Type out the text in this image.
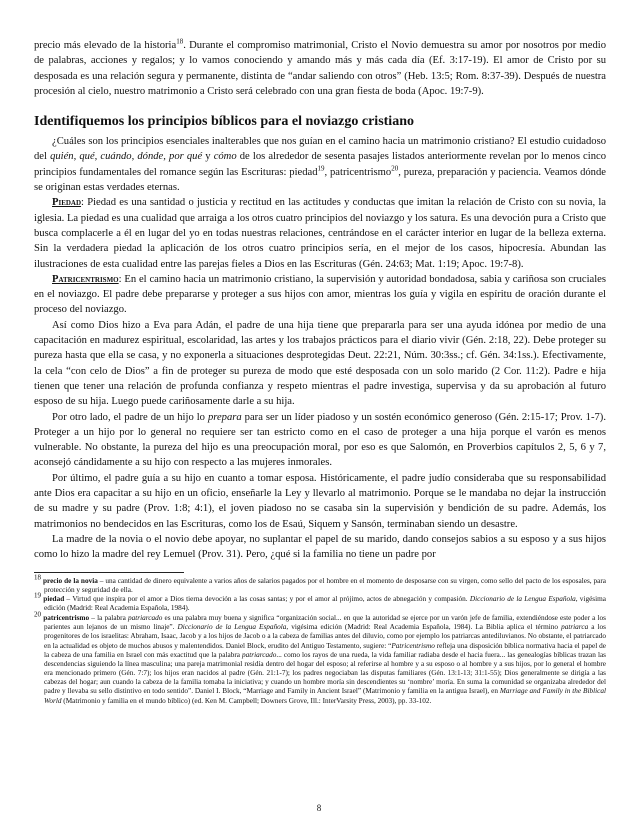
precio más elevado de la historia$^{18}$. Durante el compromiso matrimonial, Cristo el Novio demuestra su amor por nosotros por medio de palabras, acciones y regalos; y lo vamos conociendo y amando más y más cada día (Ef. 3:17-19). El amor de Cristo por su desposada es una relación segura y permanente, distinta de “andar saliendo con otros” (Heb. 13:5; Rom. 8:37-39). Después de nuestra procesión al cielo, nuestro matrimonio a Cristo será celebrado con una gran fiesta de boda (Apoc. 19:7-9).

Identifiquemos los principios bíblicos para el noviazgo cristiano

¿Cuáles son los principios esenciales inalterables que nos guían en el camino hacia un matrimonio cristiano? El estudio cuidadoso del quién, qué, cuándo, dónde, por qué y cómo de los alrededor de sesenta pasajes listados anteriormente revelan por lo menos cinco principios fundamentales del romance según las Escrituras: piedad$^{19}$, patricentrismo$^{20}$, pureza, preparación y paciencia. Veamos dónde se originan estas verdades eternas.

Piedad: Piedad es una santidad o justicia y rectitud en las actitudes y conductas que imitan la relación de Cristo con su novia, la iglesia. La piedad es una cualidad que arraiga a los otros cuatro principios del noviazgo y los satura. Es una devoción pura a Cristo que busca complacerle a él en lugar del yo en todas nuestras relaciones, centrándose en el carácter interior en lugar de la belleza externa. Sin la verdadera piedad la aplicación de los otros cuatro principios sería, en el mejor de los casos, hipocresía. Abundan las ilustraciones de esta cualidad entre las parejas fieles a Dios en las Escrituras (Gén. 24:63; Mat. 1:19; Apoc. 19:7-8).

Patricentrismo: En el camino hacia un matrimonio cristiano, la supervisión y autoridad bondadosa, sabia y cariñosa son cruciales en el noviazgo. El padre debe prepararse y proteger a sus hijos con amor, mientras los guía y vigila en espíritu de oración durante el proceso del noviazgo.

Así como Dios hizo a Eva para Adán, el padre de una hija tiene que prepararla para ser una ayuda idónea por medio de una capacitación en madurez espiritual, escolaridad, las artes y los trabajos prácticos para el diario vivir (Gén. 2:18, 22). Debe proteger su pureza hasta que ella se casa, y no exponerla a situaciones desprotegidas Deut. 22:21, Núm. 30:3ss.; cf. Gén. 34:1ss.). Efectivamente, la cela “con celo de Dios” a fin de proteger su pureza de modo que esté desposada con un solo marido (2 Cor. 11:2). Padre e hija tienen que tener una relación de profunda confianza y respeto mientras el padre investiga, supervisa y da su aprobación al futuro esposo de su hija. Luego puede cariñosamente darle a su hija.

Por otro lado, el padre de un hijo lo prepara para ser un líder piadoso y un sostén económico generoso (Gén. 2:15-17; Prov. 1-7). Proteger a un hijo por lo general no requiere ser tan estricto como en el caso de proteger a una hija porque el varón es menos vulnerable. No obstante, la pureza del hijo es una preocupación moral, por eso es que Salomón, en Proverbios capítulos 2, 5, 6 y 7, aconsejó cándidamente a su hijo con respecto a las mujeres inmorales.

Por último, el padre guía a su hijo en cuanto a tomar esposa. Históricamente, el padre judío consideraba que su responsabilidad ante Dios era capacitar a su hijo en un oficio, enseñarle la Ley y llevarlo al matrimonio. Porque se le mandaba no dejar la instrucción de su madre y su padre (Prov. 1:8; 4:1), el joven piadoso no se casaba sin la supervisión y bendición de su padre. Además, los matrimonios no bendecidos en las Escrituras, como los de Esaú, Siquem y Sansón, terminaban siendo un desastre.

La madre de la novia o el novio debe apoyar, no suplantar el papel de su marido, dando consejos sabios a su esposo y a sus hijos como lo hizo la madre del rey Lemuel (Prov. 31). Pero, ¿qué si la familia no tiene un padre por

$^{18}$ precio de la novia – una cantidad de dinero equivalente a varios años de salarios pagados por el hombre en el momento de desposarse con su virgen, como sello del pacto de los esposales, para protección y seguridad de ella.

$^{19}$ piedad – Virtud que inspira por el amor a Dios tierna devoción a las cosas santas; y por el amor al prójimo, actos de abnegación y compasión. Diccionario de la Lengua Española, vigésima edición (Madrid: Real Academia Española, 1984).

$^{20}$ patricentrismo – la palabra patriarcado es una palabra muy buena y significa “organización social... en que la autoridad se ejerce por un varón jefe de familia, extendiéndose este poder a los parientes aun lejanos de un mismo linaje”. Diccionario de la Lengua Española, vigésima edición (Madrid: Real Academia Española, 1984). La Biblia aplica el término patriarca a los progenitores de los israelitas: Abraham, Isaac, Jacob y a los hijos de Jacob o a la cabeza de familias antes del diluvio, como por ejemplo los patriarcas antediluvianos. No obstante, el patriarcado en la actualidad es objeto de muchos abusos y malentendidos. Daniel Block, erudito del Antiguo Testamento, sugiere: “Patricentrismo refleja una disposición bíblica normativa hacia el papel de la cabeza de una familia en Israel con más exactitud que la palabra patriarcado... como los rayos de una rueda, la vida familiar radiaba desde el hacia fuera... las genealogías bíblicas trazan las descendencias siguiendo la línea masculina; una pareja matrimonial residía dentro del hogar del esposo; al referirse al hombre y a su esposo o al hombre y a sus hijos, por lo general el hombre era mencionado primero (Gén. 7:7); los hijos eran nacidos al padre (Gén. 21:1-7); los padres negociaban las disputas familiares (Gén. 13:1-13; 31:1-55); Dios generalmente se dirigía a las cabezas del hogar; aun cuando la cabeza de la familia tomaba la iniciativa; y cuando un hombre moría sin descendientes su ‘nombre’ moría. En suma la comunidad se organizaba alrededor del padre y llevaba su sello distintivo en todo sentido”. Daniel I. Block, “Marriage and Family in Ancient Israel” (Matrimonio y familia en la antigua Israel), en Marriage and Family in the Biblical World (Matrimonio y familia en el mundo bíblico) (ed. Ken M. Campbell; Downers Grove, Ill.: InterVarsity Press, 2003), pp. 33-102.

8
